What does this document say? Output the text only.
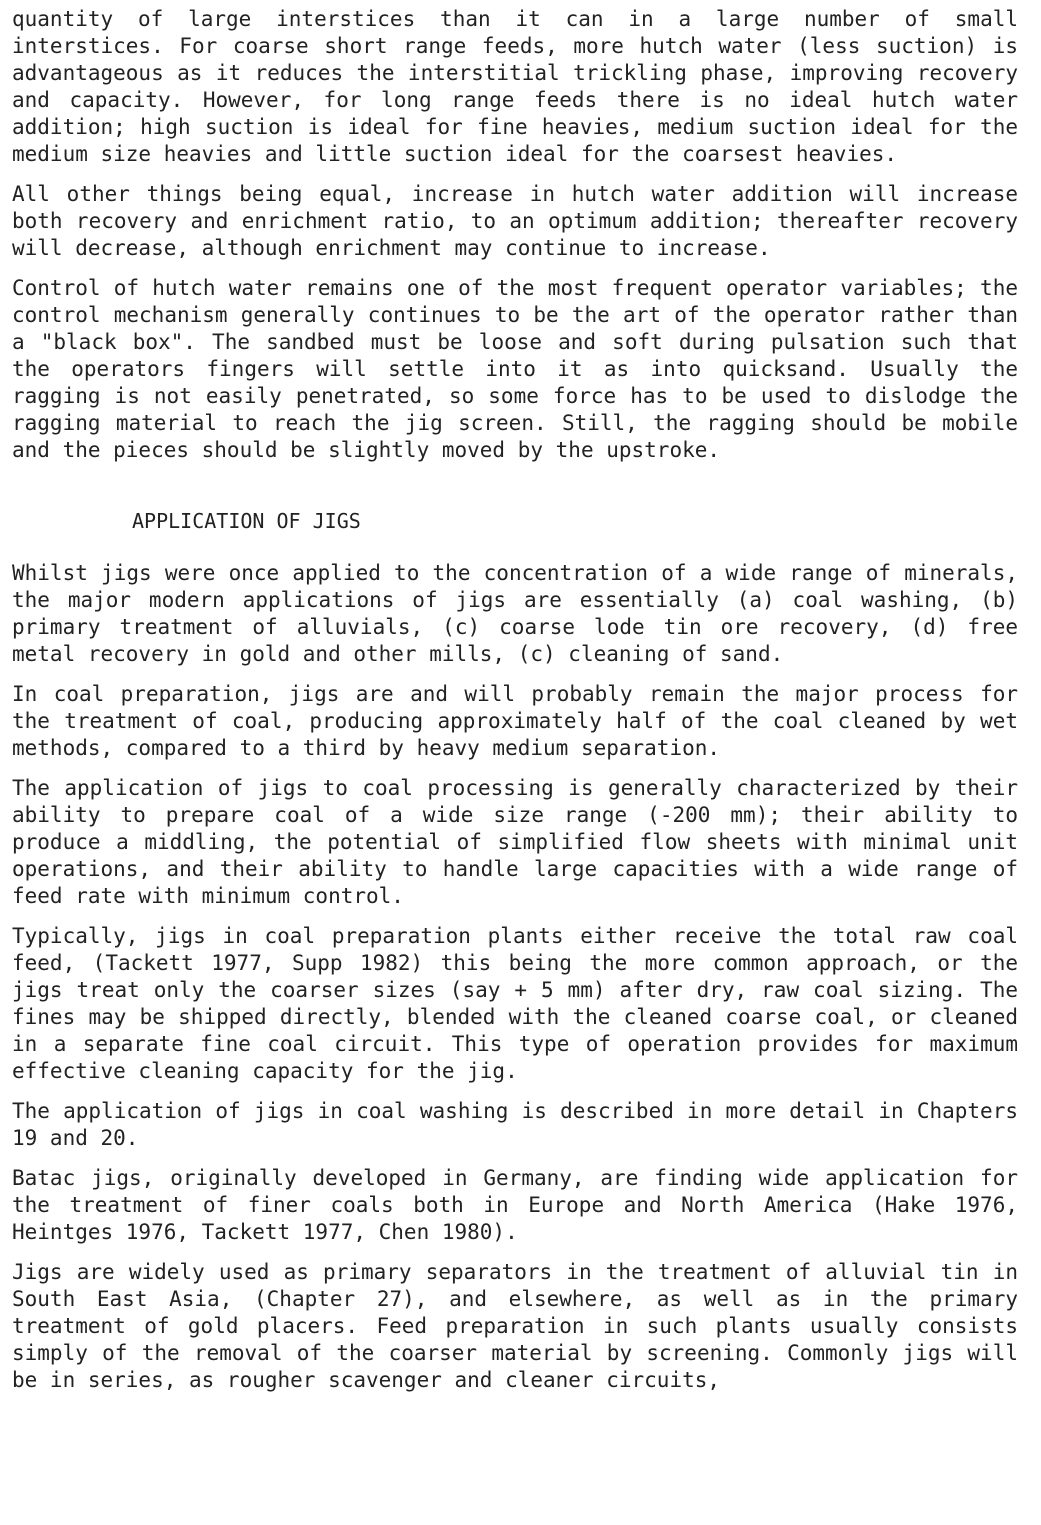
quantity of large interstices than it can in a large number of small interstices. For coarse short range feeds, more hutch water (less suction) is advantageous as it reduces the interstitial trickling phase, improving recovery and capacity. However, for long range feeds there is no ideal hutch water addition; high suction is ideal for fine heavies, medium suction ideal for the medium size heavies and little suction ideal for the coarsest heavies.

All other things being equal, increase in hutch water addition will increase both recovery and enrichment ratio, to an optimum addition; thereafter recovery will decrease, although enrichment may continue to increase.

Control of hutch water remains one of the most frequent operator variables; the control mechanism generally continues to be the art of the operator rather than a "black box". The sandbed must be loose and soft during pulsation such that the operators fingers will settle into it as into quicksand. Usually the ragging is not easily penetrated, so some force has to be used to dislodge the ragging material to reach the jig screen. Still, the ragging should be mobile and the pieces should be slightly moved by the upstroke.

APPLICATION OF JIGS

Whilst jigs were once applied to the concentration of a wide range of minerals, the major modern applications of jigs are essentially (a) coal washing, (b) primary treatment of alluvials, (c) coarse lode tin ore recovery, (d) free metal recovery in gold and other mills, (c) cleaning of sand.

In coal preparation, jigs are and will probably remain the major process for the treatment of coal, producing approximately half of the coal cleaned by wet methods, compared to a third by heavy medium separation.

The application of jigs to coal processing is generally characterized by their ability to prepare coal of a wide size range (-200 mm); their ability to produce a middling, the potential of simplified flow sheets with minimal unit operations, and their ability to handle large capacities with a wide range of feed rate with minimum control.

Typically, jigs in coal preparation plants either receive the total raw coal feed, (Tackett 1977, Supp 1982) this being the more common approach, or the jigs treat only the coarser sizes (say + 5 mm) after dry, raw coal sizing. The fines may be shipped directly, blended with the cleaned coarse coal, or cleaned in a separate fine coal circuit. This type of operation provides for maximum effective cleaning capacity for the jig.

The application of jigs in coal washing is described in more detail in Chapters 19 and 20.

Batac jigs, originally developed in Germany, are finding wide application for the treatment of finer coals both in Europe and North America (Hake 1976, Heintges 1976, Tackett 1977, Chen 1980).

Jigs are widely used as primary separators in the treatment of alluvial tin in South East Asia, (Chapter 27), and elsewhere, as well as in the primary treatment of gold placers. Feed preparation in such plants usually consists simply of the removal of the coarser material by screening. Commonly jigs will be in series, as rougher scavenger and cleaner circuits,
